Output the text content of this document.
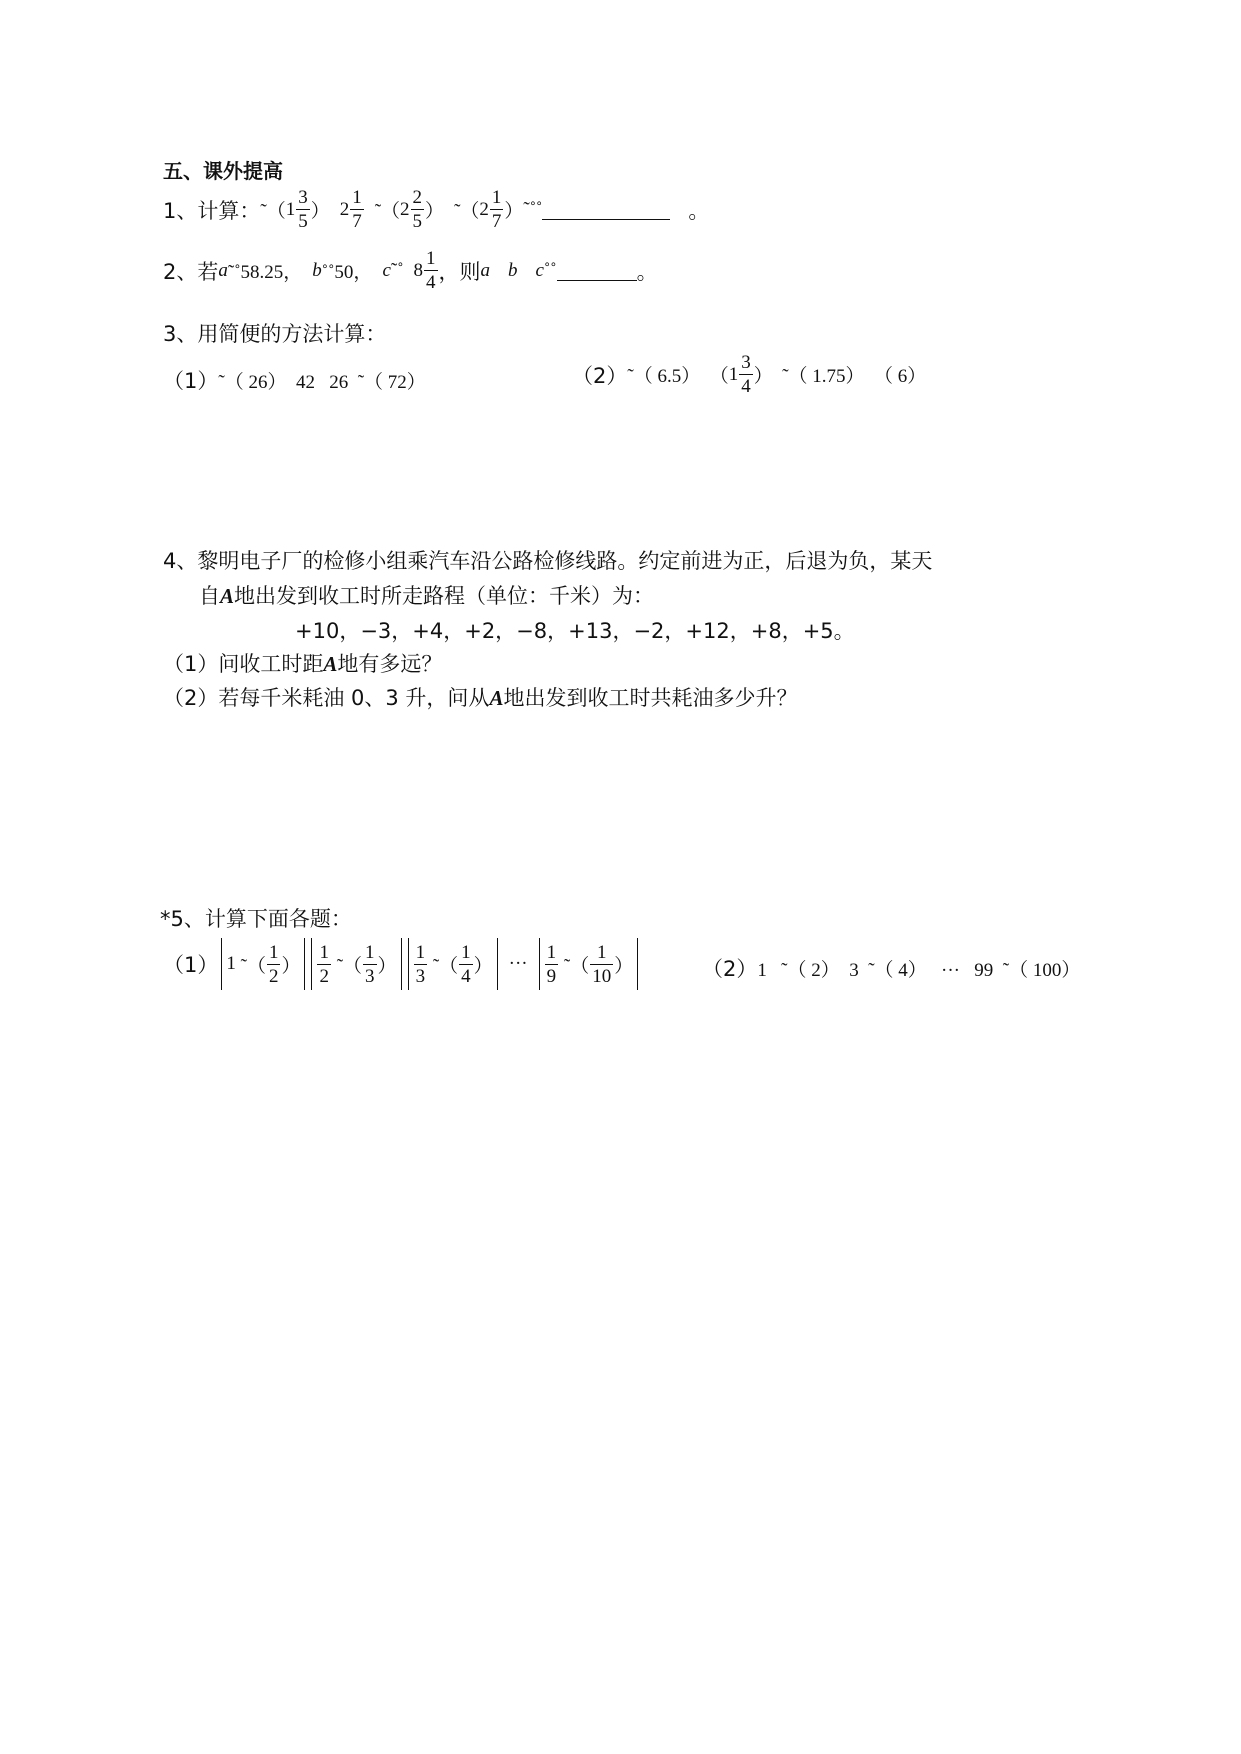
五、课外提高
1、计算： ˜（ $1 \frac{3}{5}$ ） $2 \frac{1}{7}$ ˜（ $2 \frac{2}{5}$ ） ˜（ $2 \frac{1}{7}$ ） ˜˚˚	。
2、若 a ˜˚58.25， b ˚˚50， c ˜˚ $8 \frac{1}{4}$ ，则 a b c ˚˚	。
3、用简便的方法计算：
（1） ˜（ 26）  42   26  ˜（ 72）	（2） ˜（ 6.5）  （ $1 \frac{3}{4}$ ）  ˜（ 1.75）  （ 6）
4、黎明电子厂的检修小组乘汽车沿公路检修线路。约定前进为正，后退为负，某天
自A地出发到收工时所走路程（单位：千米）为：
+10，−3，+4，+2，−8，+13，−2，+12，+8，+5。
（1）问收工时距A地有多远？
（2）若每千米耗油 0、3 升，问从A地出发到收工时共耗油多少升？
*5、计算下面各题：
（1） 1
˜（ $\frac{1}{2}$ ） $\frac{1}{2}$
˜（ $\frac{1}{3}$ ） $\frac{1}{3}$
˜（ $\frac{1}{4}$ ） ··· $\frac{1}{9}$
˜（ $\frac{1}{10}$ ）	（2） 1   ˜（ 2）  3  ˜（ 4）   ···   99  ˜（ 100）
